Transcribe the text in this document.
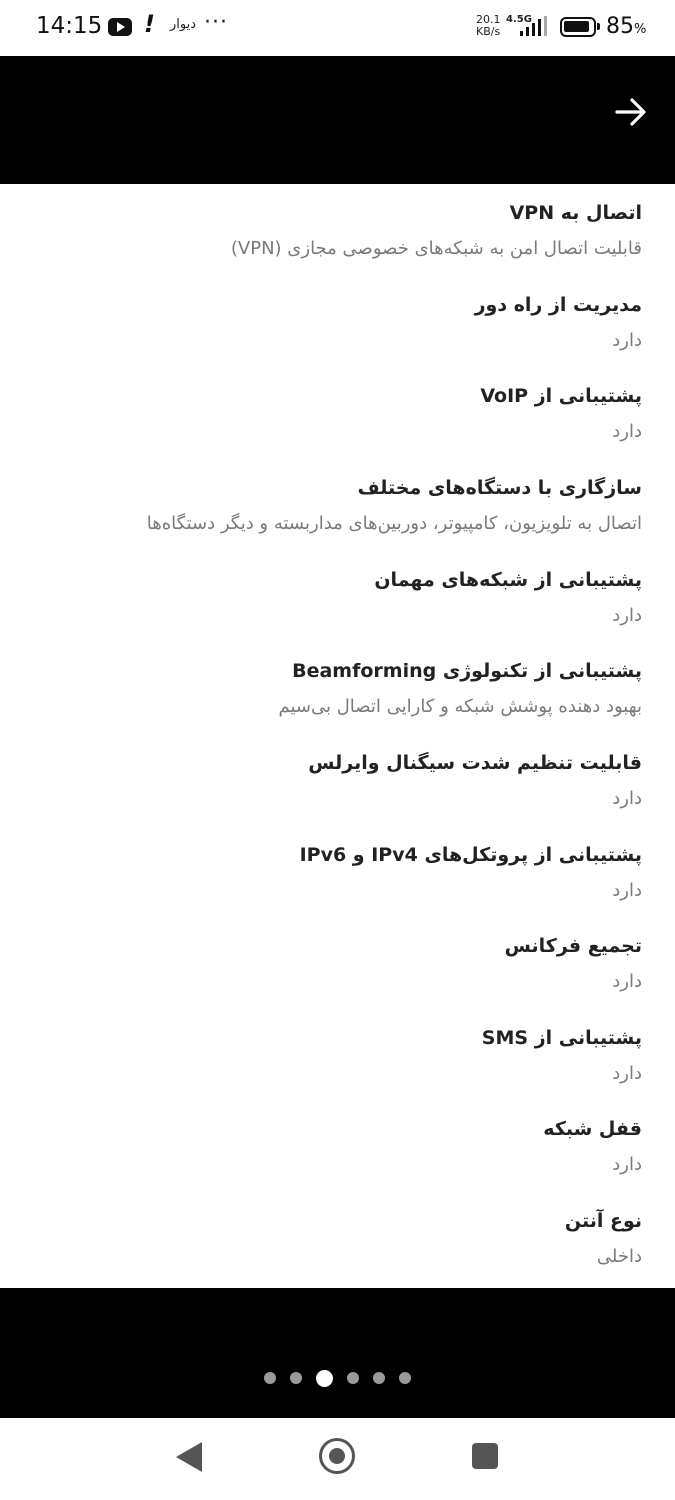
14:15 ! دیوار ···	20.1
KB/s
4.5G	85%
اتصال به VPN
قابلیت اتصال امن به شبکه‌های خصوصی مجازی (VPN)
مدیریت از راه دور
دارد
پشتیبانی از VoIP
دارد
سازگاری با دستگاه‌های مختلف
اتصال به تلویزیون، کامپیوتر، دوربین‌های مداربسته و دیگر دستگاه‌ها
پشتیبانی از شبکه‌های مهمان
دارد
پشتیبانی از تکنولوژی Beamforming
بهبود دهنده پوشش شبکه و کارایی اتصال بی‌سیم
قابلیت تنظیم شدت سیگنال وایرلس
دارد
پشتیبانی از پروتکل‌های IPv4 و IPv6
دارد
تجمیع فرکانس
دارد
پشتیبانی از SMS
دارد
قفل شبکه
دارد
نوع آنتن
داخلی
